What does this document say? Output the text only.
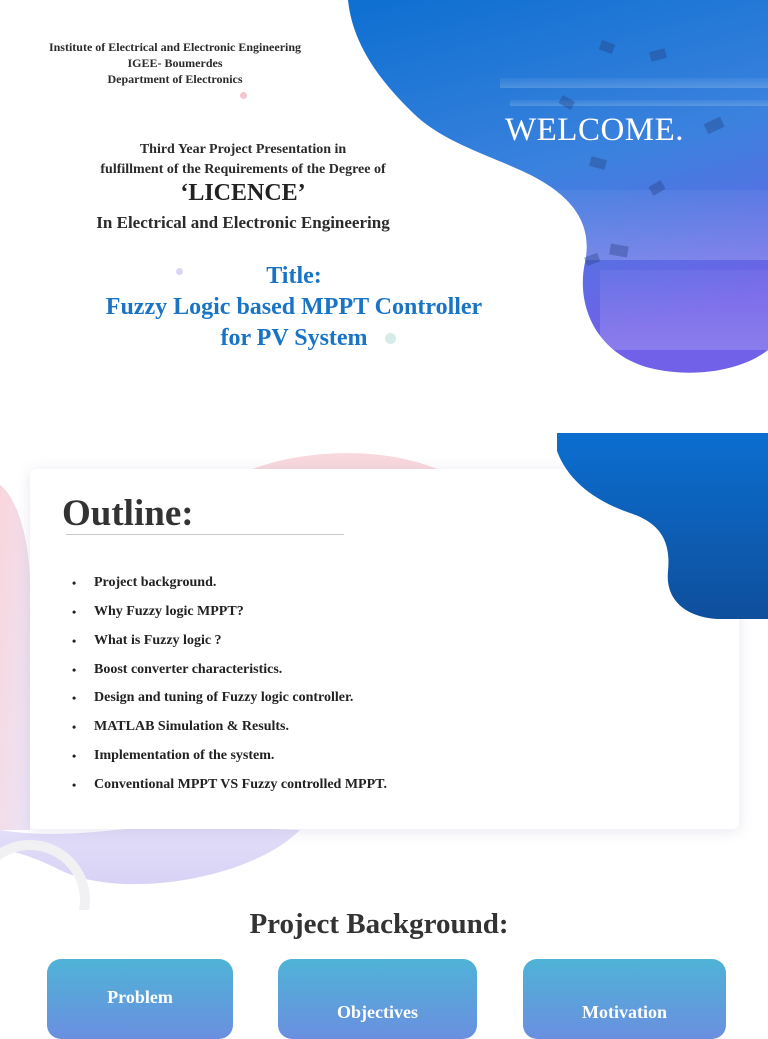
Institute of Electrical and Electronic Engineering
IGEE- Boumerdes
Department of Electronics
Third Year Project Presentation in
fulfillment of the Requirements of the Degree of
‘LICENCE’
In Electrical and Electronic Engineering
WELCOME.
Title:
Fuzzy Logic based MPPT Controller
for PV System
Outline:
• Project background.
• Why Fuzzy logic MPPT?
• What is Fuzzy logic ?
• Boost converter characteristics.
• Design and tuning of Fuzzy logic controller.
• MATLAB Simulation & Results.
• Implementation of the system.
• Conventional MPPT VS Fuzzy controlled MPPT.
Project Background:
Problem
Objectives	Motivation
